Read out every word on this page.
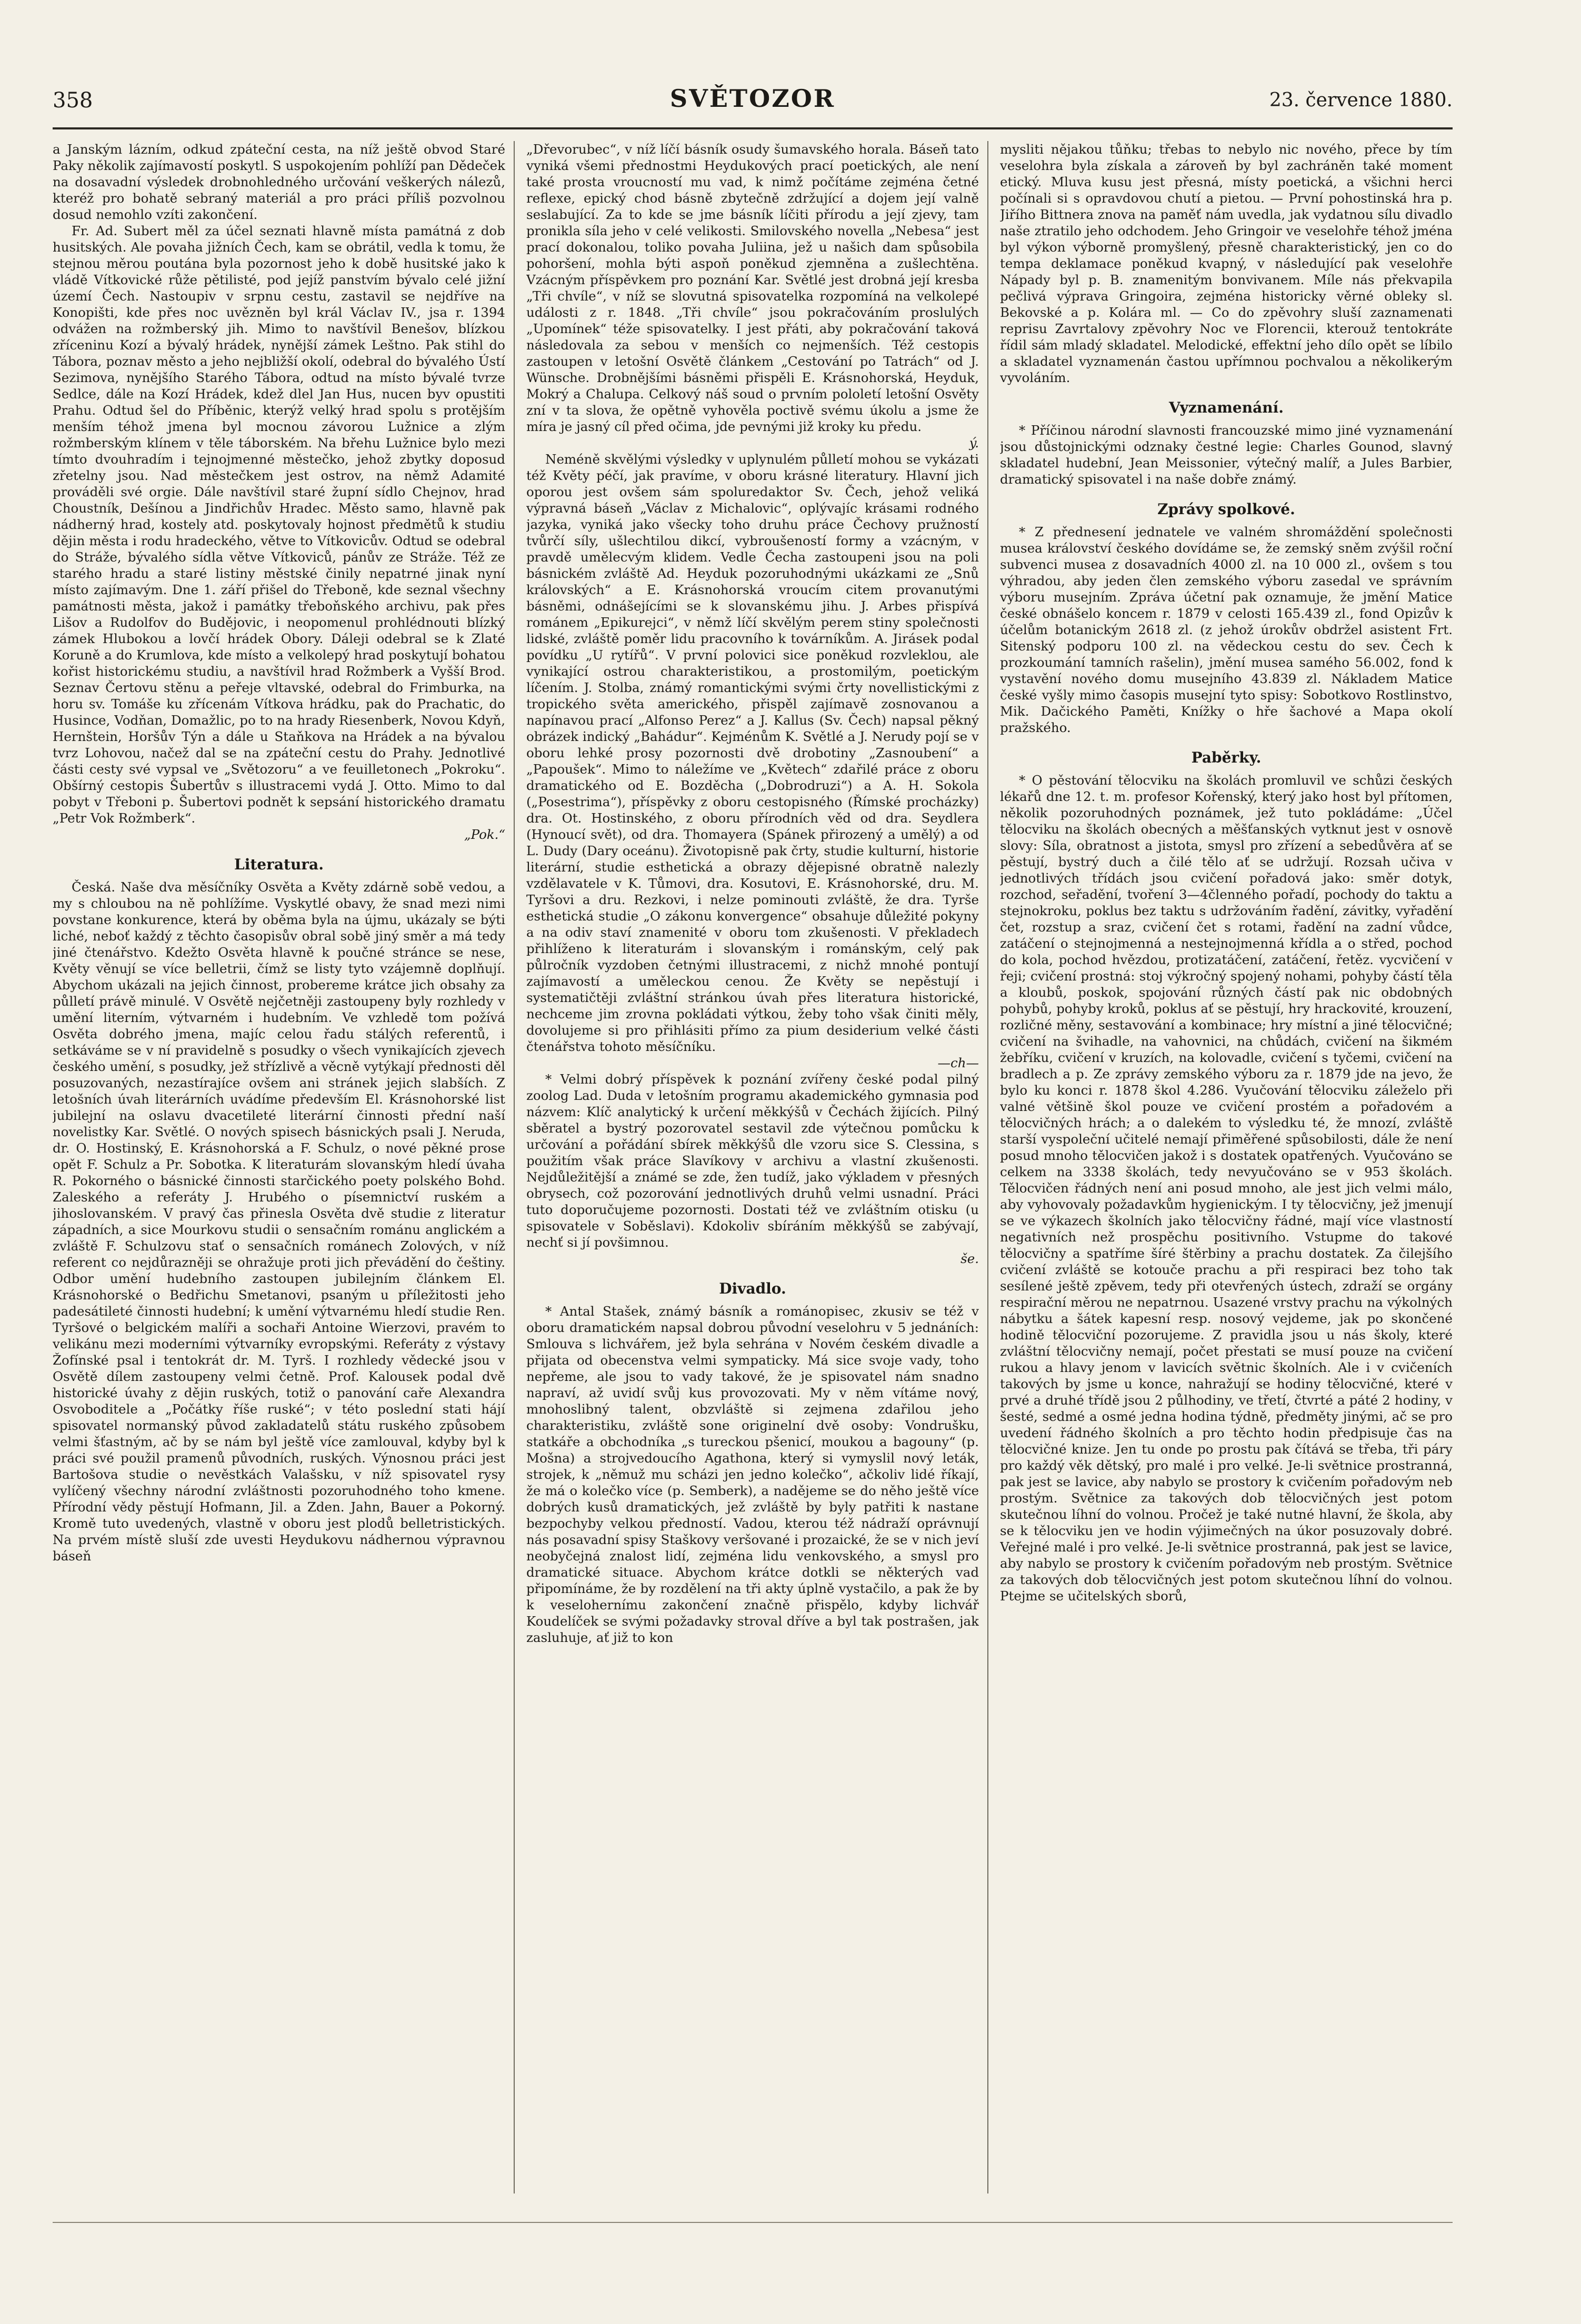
358	SVĚTOZOR	23. července 1880.

a Janským lázním, odkud zpáteční cesta, na níž ještě obvod Staré Paky několik zajímavostí poskytl. S uspokojením pohlíží pan Dědeček na dosavadní výsledek drobnohledného určování veškerých nálezů, kteréž pro bohatě sebraný materiál a pro práci příliš pozvolnou dosud nemohlo vzíti zakončení.

Fr. Ad. Subert měl za účel seznati hlavně místa památná z dob husitských. Ale povaha jižních Čech, kam se obrátil, vedla k tomu, že stejnou měrou poutána byla pozornost jeho k době husitské jako k vládě Vítkovické růže pětilisté, pod jejíž panstvím bývalo celé jižní území Čech. Nastoupiv v srpnu cestu, zastavil se nejdříve na Konopišti, kde přes noc uvězněn byl král Václav IV., jsa r. 1394 odvážen na rožmberský jih. Mimo to navštívil Benešov, blízkou zříceninu Kozí a bývalý hrádek, nynější zámek Leštno. Pak stihl do Tábora, poznav město a jeho nejbližší okolí, odebral do bývalého Ústí Sezimova, nynějšího Starého Tábora, odtud na místo bývalé tvrze Sedlce, dále na Kozí Hrádek, kdež dlel Jan Hus, nucen byv opustiti Prahu. Odtud šel do Příběnic, kterýž velký hrad spolu s protějším menším téhož jmena byl mocnou závorou Lužnice a zlým rožmberským klínem v těle táborském. Na břehu Lužnice bylo mezi tímto dvouhradím i tejnojmenné městečko, jehož zbytky doposud zřetelny jsou. Nad městečkem jest ostrov, na němž Adamité prováděli své orgie. Dále navštívil staré župní sídlo Chejnov, hrad Choustník, Dešínou a Jindřichův Hradec. Město samo, hlavně pak nádherný hrad, kostely atd. poskytovaly hojnost předmětů k studiu dějin města i rodu hradeckého, větve to Vítkovicův. Odtud se odebral do Stráže, bývalého sídla větve Vítkoviců, pánův ze Stráže. Též ze starého hradu a staré listiny městské činily nepatrné jinak nyní místo zajímavým. Dne 1. září přišel do Třeboně, kde seznal všechny památnosti města, jakož i památky třeboňského archivu, pak přes Lišov a Rudolfov do Budějovic, i neopomenul prohlédnouti blízký zámek Hlubokou a lovčí hrádek Obory. Dáleji odebral se k Zlaté Koruně a do Krumlova, kde místo a velkolepý hrad poskytují bohatou kořist historickému studiu, a navštívil hrad Rožmberk a Vyšší Brod. Seznav Čertovu stěnu a peřeje vltavské, odebral do Frimburka, na horu sv. Tomáše ku zřícenám Vítkova hrádku, pak do Prachatic, do Husince, Vodňan, Domažlic, po to na hrady Riesenberk, Novou Kdyň, Hernštein, Horšův Týn a dále u Staňkova na Hrádek a na bývalou tvrz Lohovou, načež dal se na zpáteční cestu do Prahy. Jednotlivé části cesty své vypsal ve „Světozoru“ a ve feuilletonech „Pokroku“. Obšírný cestopis Šubertův s illustracemi vydá J. Otto. Mimo to dal pobyt v Třeboni p. Šubertovi podnět k sepsání historického dramatu „Petr Vok Rožmberk“.

„Pok.“
Literatura.

Česká. Naše dva měsíčníky Osvěta a Květy zdárně sobě vedou, a my s chloubou na ně pohlížíme. Vyskytlé obavy, že snad mezi nimi povstane konkurence, která by oběma byla na újmu, ukázaly se býti liché, neboť každý z těchto časopisův obral sobě jiný směr a má tedy jiné čtenářstvo. Kdežto Osvěta hlavně k poučné stránce se nese, Květy věnují se více belletrii, čímž se listy tyto vzájemně doplňují. Abychom ukázali na jejich činnost, probereme krátce jich obsahy za půlletí právě minulé. V Osvětě nejčetněji zastoupeny byly rozhledy v umění literním, výtvarném i hudebním. Ve vzhledě tom požívá Osvěta dobrého jmena, majíc celou řadu stálých referentů, i setkáváme se v ní pravidelně s posudky o všech vynikajících zjevech českého umění, s posudky, jež střízlivě a věcně vytýkají přednosti děl posuzovaných, nezastírajíce ovšem ani stránek jejich slabších. Z letošních úvah literárních uvádíme především El. Krásnohorské list jubilejní na oslavu dvacetileté literární činnosti přední naší novelistky Kar. Světlé. O nových spisech básnických psali J. Neruda, dr. O. Hostinský, E. Krásnohorská a F. Schulz, o nové pěkné prose opět F. Schulz a Pr. Sobotka. K literaturám slovanským hledí úvaha R. Pokorného o básnické činnosti starčického poety polského Bohd. Zaleského a referáty J. Hrubého o písemnictví ruském a jihoslovanském. V pravý čas přinesla Osvěta dvě studie z literatur západních, a sice Mourkovu studii o sensačním románu anglickém a zvláště F. Schulzovu stať o sensačních románech Zolových, v níž referent co nejdůrazněji se ohražuje proti jich převádění do češtiny. Odbor umění hudebního zastoupen jubilejním článkem El. Krásnohorské o Bedřichu Smetanovi, psaným u příležitosti jeho padesátileté činnosti hudební; k umění výtvarnému hledí studie Ren. Tyršové o belgickém malíři a sochaři Antoine Wierzovi, pravém to velikánu mezi moderními výtvarníky evropskými. Referáty z výstavy Žofínské psal i tentokrát dr. M. Tyrš. I rozhledy vědecké jsou v Osvětě dílem zastoupeny velmi četně. Prof. Kalousek podal dvě historické úvahy z dějin ruských, totiž o panování caře Alexandra Osvoboditele a „Počátky říše ruské“; v této poslední stati hájí spisovatel normanský původ zakladatelů státu ruského způsobem velmi šťastným, ač by se nám byl ještě více zamlouval, kdyby byl k práci své použil pramenů původních, ruských. Výnosnou práci jest Bartošova studie o nevěstkách Valašsku, v níž spisovatel rysy vylíčený všechny národní zvláštnosti pozoruhodného toho kmene. Přírodní vědy pěstují Hofmann, Jil. a Zden. Jahn, Bauer a Pokorný. Kromě tuto uvedených, vlastně v oboru jest plodů belletristických. Na prvém místě sluší zde uvesti Heydukovu nádhernou výpravnou báseň

„Dřevorubec“, v níž líčí básník osudy šumavského horala. Báseň tato vyniká všemi přednostmi Heydukových prací poetických, ale není také prosta vroucností mu vad, k nimž počítáme zejména četné reflexe, epický chod básně zbytečně zdržující a dojem její valně seslabující. Za to kde se jme básník líčiti přírodu a její zjevy, tam pronikla síla jeho v celé velikosti. Smilovského novella „Nebesa“ jest prací dokonalou, toliko povaha Juliina, jež u našich dam spůsobila pohoršení, mohla býti aspoň poněkud zjemněna a zušlechtěna. Vzácným příspěvkem pro poznání Kar. Světlé jest drobná její kresba „Tři chvíle“, v níž se slovutná spisovatelka rozpomíná na velkolepé události z r. 1848. „Tři chvíle“ jsou pokračováním proslulých „Upomínek“ téže spisovatelky. I jest přáti, aby pokračování taková následovala za sebou v menších co nejmenších. Též cestopis zastoupen v letošní Osvětě článkem „Cestování po Tatrách“ od J. Wünsche. Drobnějšími básněmi přispěli E. Krásnohorská, Heyduk, Mokrý a Chalupa. Celkový náš soud o prvním pololetí letošní Osvěty zní v ta slova, že opětně vyhověla poctivě svému úkolu a jsme že míra je jasný cíl před očima, jde pevnými již kroky ku předu.

ý.

Neméně skvělými výsledky v uplynulém půlletí mohou se vykázati též Květy péčí, jak pravíme, v oboru krásné literatury. Hlavní jich oporou jest ovšem sám spoluredaktor Sv. Čech, jehož veliká výpravná báseň „Václav z Michalovic“, oplývajíc krásami rodného jazyka, vyniká jako všecky toho druhu práce Čechovy pružností tvůrčí síly, ušlechtilou dikcí, vybroušeností formy a vzácným, v pravdě umělecvým klidem. Vedle Čecha zastoupeni jsou na poli básnickém zvláště Ad. Heyduk pozoruhodnými ukázkami ze „Snů královských“ a E. Krásnohorská vroucím citem provanutými básněmi, odnášejícími se k slovanskému jihu. J. Arbes přispívá románem „Epikurejci“, v němž líčí skvělým perem stiny společnosti lidské, zvláště poměr lidu pracovního k továrníkům. A. Jirásek podal povídku „U rytířů“. V první polovici sice poněkud rozvleklou, ale vynikající ostrou charakteristikou, a prostomilým, poetickým líčením. J. Stolba, známý romantickými svými črty novellistickými z tropického světa amerického, přispěl zajímavě zosnovanou a napínavou prací „Alfonso Perez“ a J. Kallus (Sv. Čech) napsal pěkný obrázek indický „Bahádur“. Kejménům K. Světlé a J. Nerudy pojí se v oboru lehké prosy pozornosti dvě drobotiny „Zasnoubení“ a „Papoušek“. Mimo to náležíme ve „Květech“ zdařilé práce z oboru dramatického od E. Bozděcha („Dobrodruzi“) a A. H. Sokola („Posestrima“), příspěvky z oboru cestopisného (Římské procházky) dra. Ot. Hostinského, z oboru přírodních věd od dra. Seydlera (Hynoucí svět), od dra. Thomayera (Spánek přirozený a umělý) a od L. Dudy (Dary oceánu). Životopisně pak črty, studie kulturní, historie literární, studie esthetická a obrazy dějepisné obratně nalezly vzdělavatele v K. Tůmovi, dra. Kosutovi, E. Krásnohorské, dru. M. Tyršovi a dru. Rezkovi, i nelze pominouti zvláště, že dra. Tyrše esthetická studie „O zákonu konvergence“ obsahuje důležité pokyny a na odiv staví znamenité v oboru tom zkušenosti. V překladech přihlíženo k literaturám i slovanským i románským, celý pak půlročník vyzdoben četnými illustracemi, z nichž mnohé pontují zajímavostí a uměleckou cenou. Že Květy se nepěstují i systematičtěji zvláštní stránkou úvah přes literatura historické, nechceme jim zrovna pokládati výtkou, žeby toho však činiti měly, dovolujeme si pro přihlásiti přímo za pium desiderium velké části čtenářstva tohoto měsíčníku.

—ch—

* Velmi dobrý příspěvek k poznání zvířeny české podal pilný zoolog Lad. Duda v letošním programu akademického gymnasia pod názvem: Klíč analytický k určení měkkýšů v Čechách žijících. Pilný sběratel a bystrý pozorovatel sestavil zde výtečnou pomůcku k určování a pořádání sbírek měkkýšů dle vzoru sice S. Clessina, s použitím však práce Slavíkovy v archivu a vlastní zkušenosti. Nejdůležitější a známé se zde, žen tudíž, jako výkladem v přesných obrysech, což pozorování jednotlivých druhů velmi usnadní. Práci tuto doporučujeme pozornosti. Dostati též ve zvláštním otisku (u spisovatele v Soběslavi). Kdokoliv sbíráním měkkýšů se zabývají, nechť si jí povšimnou.

še.
Divadlo.

* Antal Stašek, známý básník a románopisec, zkusiv se též v oboru dramatickém napsal dobrou původní veselohru v 5 jednáních: Smlouva s lichvářem, jež byla sehrána v Novém českém divadle a přijata od obecenstva velmi sympaticky. Má sice svoje vady, toho nepřeme, ale jsou to vady takové, že je spisovatel nám snadno napraví, až uvidí svůj kus provozovati. My v něm vítáme nový, mnohoslibný talent, obzvláště si zejmena zdařilou jeho charakteristiku, zvláště sone originelní dvě osoby: Vondrušku, statkáře a obchodníka „s tureckou pšenicí, moukou a bagouny“ (p. Mošna) a strojvedoucího Agathona, který si vymyslil nový leták, strojek, k „němuž mu scházi jen jedno kolečko“, ačkoliv lidé říkají, že má o kolečko více (p. Semberk), a nadějeme se do něho ještě více dobrých kusů dramatických, jež zvláště by byly patřiti k nastane bezpochyby velkou předností. Vadou, kterou též nádraží oprávnují nás posavadní spisy Staškovy veršované i prozaické, že se v nich jeví neobyčejná znalost lidí, zejména lidu venkovského, a smysl pro dramatické situace. Abychom krátce dotkli se některých vad připomínáme, že by rozdělení na tři akty úplně vystačilo, a pak že by k veselohernímu zakončení značně přispělo, kdyby lichvář Koudelíček se svými požadavky stroval dříve a byl tak postrašen, jak zasluhuje, ať již to kon

mysliti nějakou tůňku; třebas to nebylo nic nového, přece by tím veselohra byla získala a zároveň by byl zachráněn také moment etický. Mluva kusu jest přesná, místy poetická, a všichni herci počínali si s opravdovou chutí a pietou. — První pohostinská hra p. Jiřího Bittnera znova na paměť nám uvedla, jak vydatnou sílu divadlo naše ztratilo jeho odchodem. Jeho Gringoir ve veselohře téhož jména byl výkon výborně promyšlený, přesně charakteristický, jen co do tempa deklamace poněkud kvapný, v následující pak veselohře Nápady byl p. B. znamenitým bonvivanem. Míle nás překvapila pečlivá výprava Gringoira, zejména historicky věrné obleky sl. Bekovské a p. Kolára ml. — Co do zpěvohry sluší zaznamenati reprisu Zavrtalovy zpěvohry Noc ve Florencii, kterouž tentokráte řídil sám mladý skladatel. Melodické, effektní jeho dílo opět se líbilo a skladatel vyznamenán častou upřímnou pochvalou a několikerým vyvoláním.

Vyznamenání.

* Příčinou národní slavnosti francouzské mimo jiné vyznamenání jsou důstojnickými odznaky čestné legie: Charles Gounod, slavný skladatel hudební, Jean Meissonier, výtečný malíř, a Jules Barbier, dramatický spisovatel i na naše dobře známý.

Zprávy spolkové.

* Z přednesení jednatele ve valném shromáždění společnosti musea království českého dovídáme se, že zemský sněm zvýšil roční subvenci musea z dosavadních 4000 zl. na 10 000 zl., ovšem s tou výhradou, aby jeden člen zemského výboru zasedal ve správním výboru musejním. Zpráva účetní pak oznamuje, že jmění Matice české obnášelo koncem r. 1879 v celosti 165.439 zl., fond Opizův k účelům botanickým 2618 zl. (z jehož úrokův obdržel asistent Frt. Sitenský podporu 100 zl. na vědeckou cestu do sev. Čech k prozkoumání tamních rašelin), jmění musea samého 56.002, fond k vystavění nového domu musejního 43.839 zl. Nákladem Matice české vyšly mimo časopis musejní tyto spisy: Sobotkovo Rostlinstvo, Mik. Dačického Paměti, Knížky o hře šachové a Mapa okolí pražského.

Paběrky.

* O pěstování tělocviku na školách promluvil ve schůzi českých lékařů dne 12. t. m. profesor Kořenský, který jako host byl přítomen, několik pozoruhodných poznámek, jež tuto pokládáme: „Účel tělocviku na školách obecných a měšťanských vytknut jest v osnově slovy: Síla, obratnost a jistota, smysl pro zřízení a sebedůvěra ať se pěstují, bystrý duch a čilé tělo ať se udržují. Rozsah učiva v jednotlivých třídách jsou cvičení pořadová jako: směr dotyk, rozchod, seřadění, tvoření 3—4členného pořadí, pochody do taktu a stejnokroku, poklus bez taktu s udržováním řadění, závitky, vyřadění čet, rozstup a sraz, cvičení čet s rotami, řadění na zadní vůdce, zatáčení o stejnojmenná a nestejnojmenná křídla a o střed, pochod do kola, pochod hvězdou, protizatáčení, zatáčení, řetěz. vycvičení v řeji; cvičení prostná: stoj výkročný spojený nohami, pohyby částí těla a kloubů, poskok, spojování různých částí pak nic obdobných pohybů, pohyby kroků, poklus ať se pěstují, hry hrackovité, krouzení, rozličné měny, sestavování a kombinace; hry místní a jiné tělocvičné; cvičení na švihadle, na vahovnici, na chůdách, cvičení na šikmém žebříku, cvičení v kruzích, na kolovadle, cvičení s tyčemi, cvičení na bradlech a p. Ze zprávy zemského výboru za r. 1879 jde na jevo, že bylo ku konci r. 1878 škol 4.286. Vyučování tělocviku záleželo při valné většině škol pouze ve cvičení prostém a pořadovém a tělocvičných hrách; a o dalekém to výsledku té, že mnozí, zvláště starší vyspoleční učitelé nemají přiměřené spůsobilosti, dále že není posud mnoho tělocvičen jakož i s dostatek opatřených. Vyučováno se celkem na 3338 školách, tedy nevyučováno se v 953 školách. Tělocvičen řádných není ani posud mnoho, ale jest jich velmi málo, aby vyhovovaly požadavkům hygienickým. I ty tělocvičny, jež jmenují se ve výkazech školních jako tělocvičny řádné, mají více vlastností negativních než prospěchu positivního. Vstupme do takové tělocvičny a spatříme šíré štěrbiny a prachu dostatek. Za čilejšího cvičení zvláště se kotouče prachu a při respiraci bez toho tak sesílené ještě zpěvem, tedy při otevřených ústech, zdraží se orgány respirační měrou ne nepatrnou. Usazené vrstvy prachu na výkolných nábytku a šátek kapesní resp. nosový vejdeme, jak po skončené hodině tělocviční pozorujeme. Z pravidla jsou u nás školy, které zvláštní tělocvičny nemají, počet přestati se musí pouze na cvičení rukou a hlavy jenom v lavicích světnic školních. Ale i v cvičeních takových by jsme u konce, nahražují se hodiny tělocvičné, které v prvé a druhé třídě jsou 2 půlhodiny, ve třetí, čtvrté a páté 2 hodiny, v šesté, sedmé a osmé jedna hodina týdně, předměty jinými, ač se pro uvedení řádného školních a pro těchto hodin předpisuje čas na tělocvičné knize. Jen tu onde po prostu pak čítává se třeba, tři páry pro každý věk dětský, pro malé i pro velké. Je-li světnice prostranná, pak jest se lavice, aby nabylo se prostory k cvičením pořadovým neb prostým. Světnice za takových dob tělocvičných jest potom skutečnou líhní do volnou. Pročež je také nutné hlavní, že škola, aby se k tělocviku jen ve hodin výjimečných na úkor posuzovaly dobré. Veřejné malé i pro velké. Je-li světnice prostranná, pak jest se lavice, aby nabylo se prostory k cvičením pořadovým neb prostým. Světnice za takových dob tělocvičných jest potom skutečnou líhní do volnou. Ptejme se učitelských sborů,
